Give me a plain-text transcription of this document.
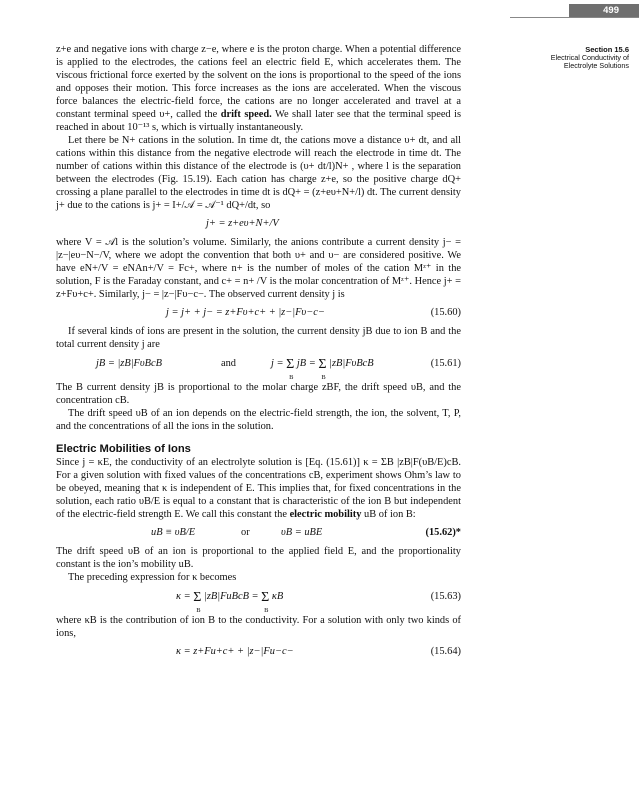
499
Section 15.6
Electrical Conductivity of
Electrolyte Solutions

z+e and negative ions with charge z−e, where e is the proton charge. When a potential difference is applied to the electrodes, the cations feel an electric field E, which accelerates them. The viscous frictional force exerted by the solvent on the ions is proportional to the speed of the ions and opposes their motion. This force increases as the ions are accelerated. When the viscous force balances the electric-field force, the cations are no longer accelerated and travel at a constant terminal speed υ+, called the drift speed. We shall later see that the terminal speed is reached in about 10⁻¹³ s, which is virtually instantaneously.

Let there be N+ cations in the solution. In time dt, the cations move a distance υ+ dt, and all cations within this distance from the negative electrode will reach the electrode in time dt. The number of cations within this distance of the electrode is (υ+ dt/l)N+ , where l is the separation between the electrodes (Fig. 15.19). Each cation has charge z+e, so the positive charge dQ+ crossing a plane parallel to the electrodes in time dt is dQ+ = (z+eυ+N+/l) dt. The current density j+ due to the cations is j+ = I+/𝒜 = 𝒜⁻¹ dQ+/dt, so

j+ = z+eυ+N+/V

where V = 𝒜l is the solution’s volume. Similarly, the anions contribute a current density j− = |z−|eυ−N−/V, where we adopt the convention that both υ+ and υ− are considered positive. We have eN+/V = eNAn+/V = Fc+, where n+ is the number of moles of the cation Mᶻ⁺ in the solution, F is the Faraday constant, and c+ = n+ /V is the molar concentration of Mᶻ⁺. Hence j+ = z+Fυ+c+. Similarly, j− = |z−|Fυ−c−. The observed current density j is

j = j+ + j− = z+Fυ+c+ + |z−|Fυ−c−	(15.60)

If several kinds of ions are present in the solution, the current density jB due to ion B and the total current density j are

jB = |zB|FυBcB	and	j = Σ
B
jB = Σ
B
|zB|FυBcB	(15.61)

The B current density jB is proportional to the molar charge zBF, the drift speed υB, and the concentration cB.

The drift speed υB of an ion depends on the electric-field strength, the ion, the solvent, T, P, and the concentrations of all the ions in the solution.

Electric Mobilities of Ions

Since j = κE, the conductivity of an electrolyte solution is [Eq. (15.61)] κ = ΣB |zB|F(υB/E)cB. For a given solution with fixed values of the concentrations cB, experiment shows Ohm’s law to be obeyed, meaning that κ is independent of E. This implies that, for fixed concentrations in the solution, each ratio υB/E is equal to a constant that is characteristic of the ion B but independent of the electric-field strength E. We call this constant the electric mobility uB of ion B:

uB ≡ υB/E	or	υB = uBE	(15.62)*

The drift speed υB of an ion is proportional to the applied field E, and the proportionality constant is the ion’s mobility uB.

The preceding expression for κ becomes

κ = Σ
B
|zB|FuBcB = Σ
B
κB	(15.63)

where κB is the contribution of ion B to the conductivity. For a solution with only two kinds of ions,

κ = z+Fu+c+ + |z−|Fu−c−	(15.64)
